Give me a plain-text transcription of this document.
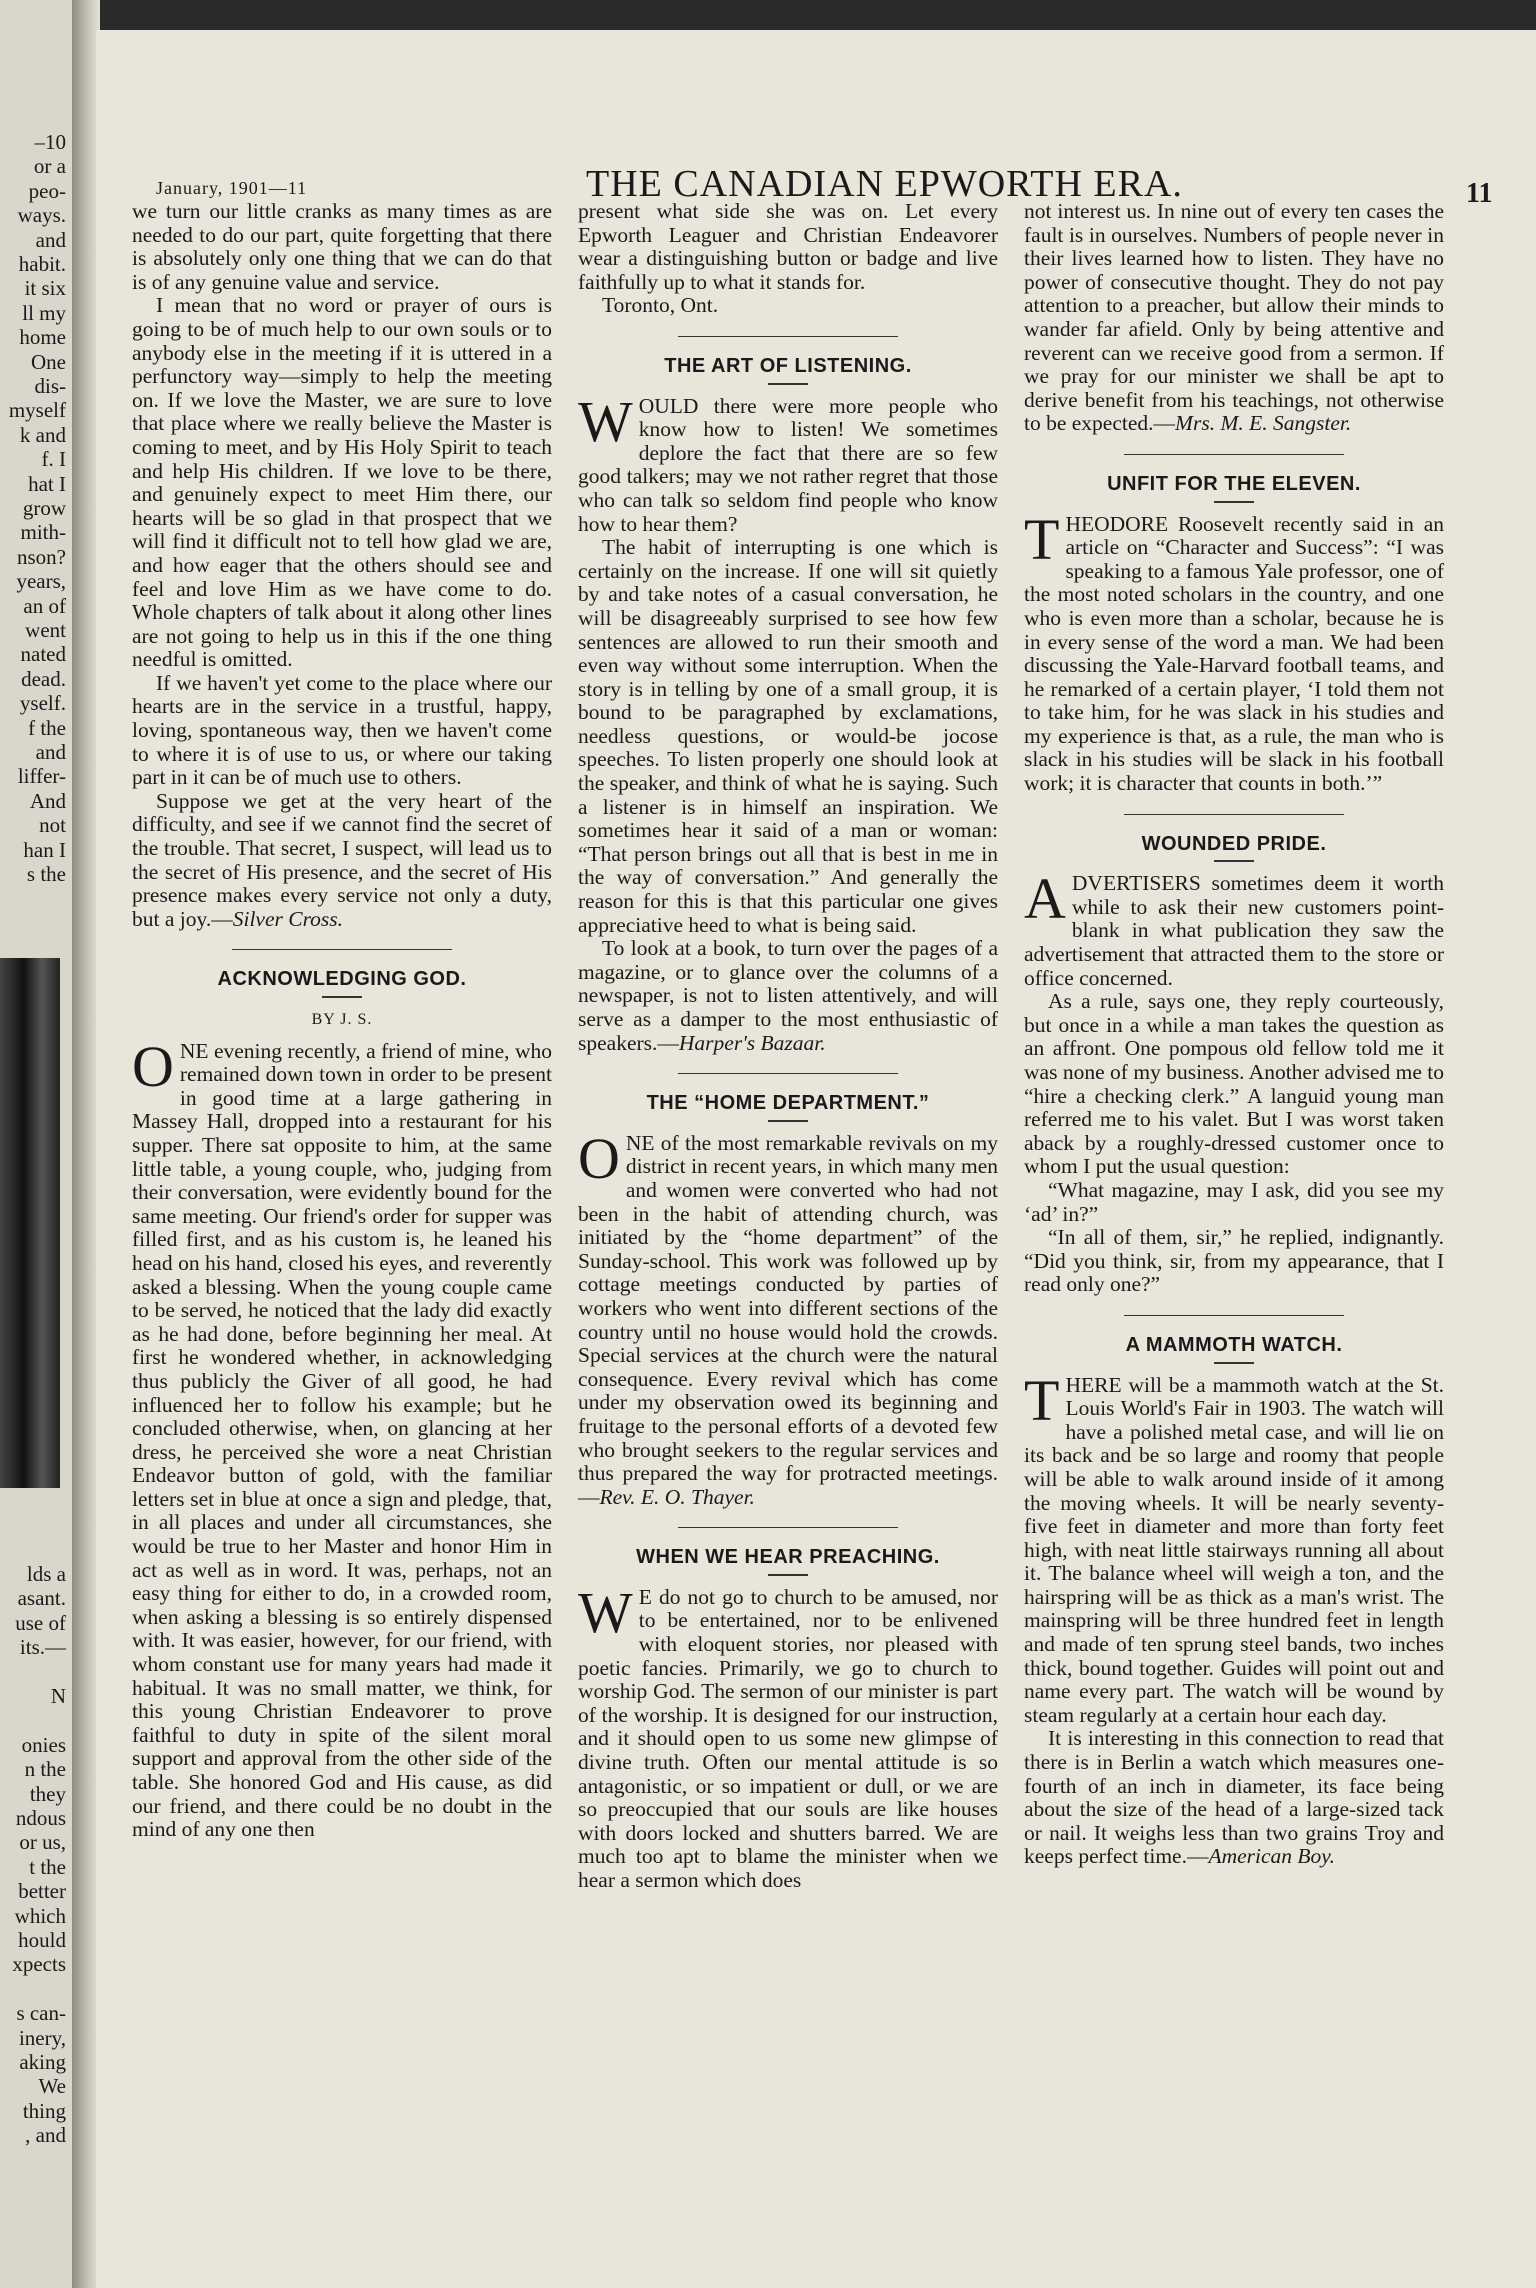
–10
or a
peo-
ways.
and
habit.
it six
ll my
home
One
dis-
myself
k and
f. I
hat I
grow
mith-
nson?
years,
an of
went
nated
dead.
yself.
f the
and
liffer-
And
not
han I
s the
lds a
asant.
use of
its.—
N
onies
n the
they
ndous
or us,
t the
better
which
hould
xpects
s can-
inery,
aking
We
thing
, and
January, 1901—11	THE CANADIAN EPWORTH ERA.	11

we turn our little cranks as many times as are needed to do our part, quite forgetting that there is absolutely only one thing that we can do that is of any genuine value and service.

I mean that no word or prayer of ours is going to be of much help to our own souls or to anybody else in the meeting if it is uttered in a perfunctory way—simply to help the meeting on. If we love the Master, we are sure to love that place where we really believe the Master is coming to meet, and by His Holy Spirit to teach and help His children. If we love to be there, and genuinely expect to meet Him there, our hearts will be so glad in that prospect that we will find it difficult not to tell how glad we are, and how eager that the others should see and feel and love Him as we have come to do. Whole chapters of talk about it along other lines are not going to help us in this if the one thing needful is omitted.

If we haven't yet come to the place where our hearts are in the service in a trustful, happy, loving, spontaneous way, then we haven't come to where it is of use to us, or where our taking part in it can be of much use to others.

Suppose we get at the very heart of the difficulty, and see if we cannot find the secret of the trouble. That secret, I suspect, will lead us to the secret of His presence, and the secret of His presence makes every service not only a duty, but a joy.—Silver Cross.

ACKNOWLEDGING GOD.
BY J. S.

ONE evening recently, a friend of mine, who remained down town in order to be present in good time at a large gathering in Massey Hall, dropped into a restaurant for his supper. There sat opposite to him, at the same little table, a young couple, who, judging from their conversation, were evidently bound for the same meeting. Our friend's order for supper was filled first, and as his custom is, he leaned his head on his hand, closed his eyes, and reverently asked a blessing. When the young couple came to be served, he noticed that the lady did exactly as he had done, before beginning her meal. At first he wondered whether, in acknowledging thus publicly the Giver of all good, he had influenced her to follow his example; but he concluded otherwise, when, on glancing at her dress, he perceived she wore a neat Christian Endeavor button of gold, with the familiar letters set in blue at once a sign and pledge, that, in all places and under all circumstances, she would be true to her Master and honor Him in act as well as in word. It was, perhaps, not an easy thing for either to do, in a crowded room, when asking a blessing is so entirely dispensed with. It was easier, however, for our friend, with whom constant use for many years had made it habitual. It was no small matter, we think, for this young Christian Endeavorer to prove faithful to duty in spite of the silent moral support and approval from the other side of the table. She honored God and His cause, as did our friend, and there could be no doubt in the mind of any one then

present what side she was on. Let every Epworth Leaguer and Christian Endeavorer wear a distinguishing button or badge and live faithfully up to what it stands for.

Toronto, Ont.

THE ART OF LISTENING.

WOULD there were more people who know how to listen! We sometimes deplore the fact that there are so few good talkers; may we not rather regret that those who can talk so seldom find people who know how to hear them?

The habit of interrupting is one which is certainly on the increase. If one will sit quietly by and take notes of a casual conversation, he will be disagreeably surprised to see how few sentences are allowed to run their smooth and even way without some interruption. When the story is in telling by one of a small group, it is bound to be paragraphed by exclamations, needless questions, or would-be jocose speeches. To listen properly one should look at the speaker, and think of what he is saying. Such a listener is in himself an inspiration. We sometimes hear it said of a man or woman: “That person brings out all that is best in me in the way of conversation.” And generally the reason for this is that this particular one gives appreciative heed to what is being said.

To look at a book, to turn over the pages of a magazine, or to glance over the columns of a newspaper, is not to listen attentively, and will serve as a damper to the most enthusiastic of speakers.—Harper's Bazaar.

THE “HOME DEPARTMENT.”

ONE of the most remarkable revivals on my district in recent years, in which many men and women were converted who had not been in the habit of attending church, was initiated by the “home department” of the Sunday-school. This work was followed up by cottage meetings conducted by parties of workers who went into different sections of the country until no house would hold the crowds. Special services at the church were the natural consequence. Every revival which has come under my observation owed its beginning and fruitage to the personal efforts of a devoted few who brought seekers to the regular services and thus prepared the way for protracted meetings.—Rev. E. O. Thayer.

WHEN WE HEAR PREACHING.

WE do not go to church to be amused, nor to be entertained, nor to be enlivened with eloquent stories, nor pleased with poetic fancies. Primarily, we go to church to worship God. The sermon of our minister is part of the worship. It is designed for our instruction, and it should open to us some new glimpse of divine truth. Often our mental attitude is so antagonistic, or so impatient or dull, or we are so preoccupied that our souls are like houses with doors locked and shutters barred. We are much too apt to blame the minister when we hear a sermon which does

not interest us. In nine out of every ten cases the fault is in ourselves. Numbers of people never in their lives learned how to listen. They have no power of consecutive thought. They do not pay attention to a preacher, but allow their minds to wander far afield. Only by being attentive and reverent can we receive good from a sermon. If we pray for our minister we shall be apt to derive benefit from his teachings, not otherwise to be expected.—Mrs. M. E. Sangster.

UNFIT FOR THE ELEVEN.

THEODORE Roosevelt recently said in an article on “Character and Success”: “I was speaking to a famous Yale professor, one of the most noted scholars in the country, and one who is even more than a scholar, because he is in every sense of the word a man. We had been discussing the Yale-Harvard football teams, and he remarked of a certain player, ‘I told them not to take him, for he was slack in his studies and my experience is that, as a rule, the man who is slack in his studies will be slack in his football work; it is character that counts in both.’”

WOUNDED PRIDE.

ADVERTISERS sometimes deem it worth while to ask their new customers point-blank in what publication they saw the advertisement that attracted them to the store or office concerned.

As a rule, says one, they reply courteously, but once in a while a man takes the question as an affront. One pompous old fellow told me it was none of my business. Another advised me to “hire a checking clerk.” A languid young man referred me to his valet. But I was worst taken aback by a roughly-dressed customer once to whom I put the usual question:

“What magazine, may I ask, did you see my ‘ad’ in?”

“In all of them, sir,” he replied, indignantly. “Did you think, sir, from my appearance, that I read only one?”

A MAMMOTH WATCH.

THERE will be a mammoth watch at the St. Louis World's Fair in 1903. The watch will have a polished metal case, and will lie on its back and be so large and roomy that people will be able to walk around inside of it among the moving wheels. It will be nearly seventy-five feet in diameter and more than forty feet high, with neat little stairways running all about it. The balance wheel will weigh a ton, and the hairspring will be as thick as a man's wrist. The mainspring will be three hundred feet in length and made of ten sprung steel bands, two inches thick, bound together. Guides will point out and name every part. The watch will be wound by steam regularly at a certain hour each day.

It is interesting in this connection to read that there is in Berlin a watch which measures one-fourth of an inch in diameter, its face being about the size of the head of a large-sized tack or nail. It weighs less than two grains Troy and keeps perfect time.—American Boy.
